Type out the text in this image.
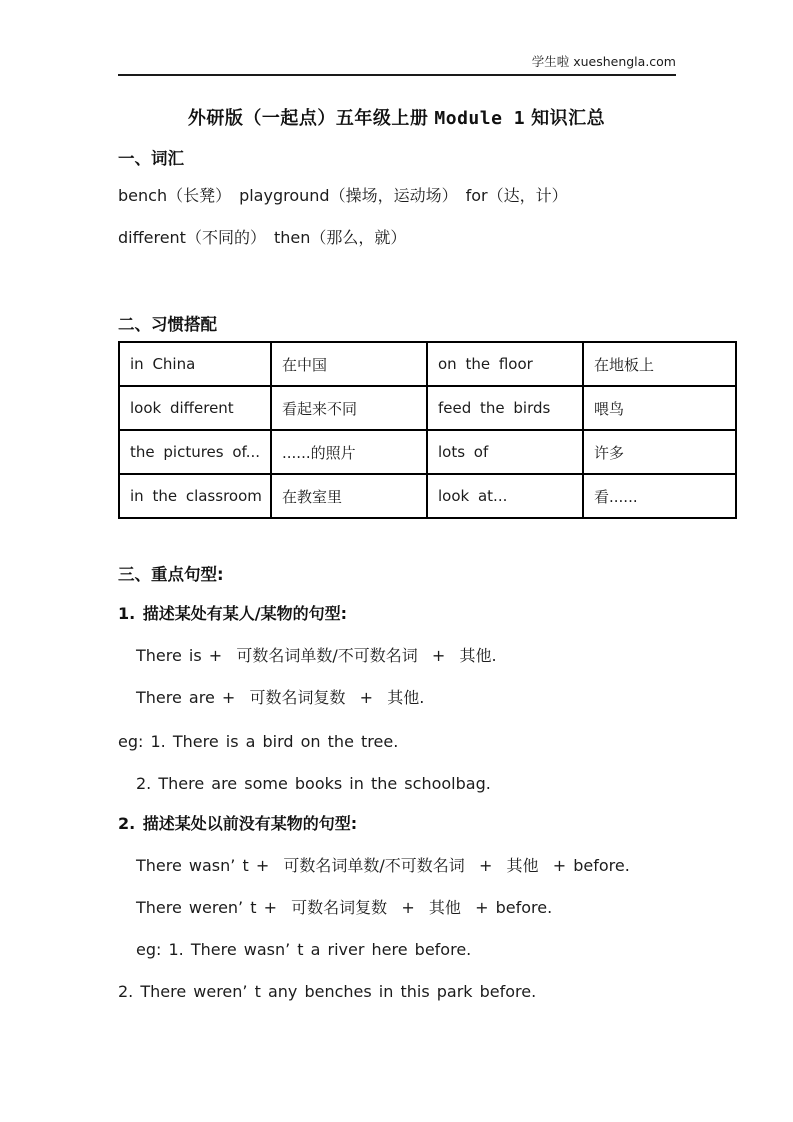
学生啦 xueshengla.com
外研版（一起点）五年级上册 Module 1 知识汇总
一、词汇

bench（长凳）　playground（操场，运动场）　for（达，计）

different（不同的）　then（那么，就）

二、习惯搭配
in China	在中国	on the floor	在地板上
look different	看起来不同	feed the birds	喂鸟
the pictures of...	......的照片	lots of	许多
in the classroom	在教室里	look at...	看......
三、重点句型:

1. 描述某处有某人/某物的句型:

There is +  可数名词单数/不可数名词  +  其他.

There are +  可数名词复数  +  其他.

eg: 1. There is a bird on the tree.

2. There are some books in the schoolbag.

2. 描述某处以前没有某物的句型:

There wasn’ t +  可数名词单数/不可数名词  +  其他  + before.

There weren’ t +  可数名词复数  +  其他  + before.

eg: 1. There wasn’ t a river here before.

2. There weren’ t any benches in this park before.
